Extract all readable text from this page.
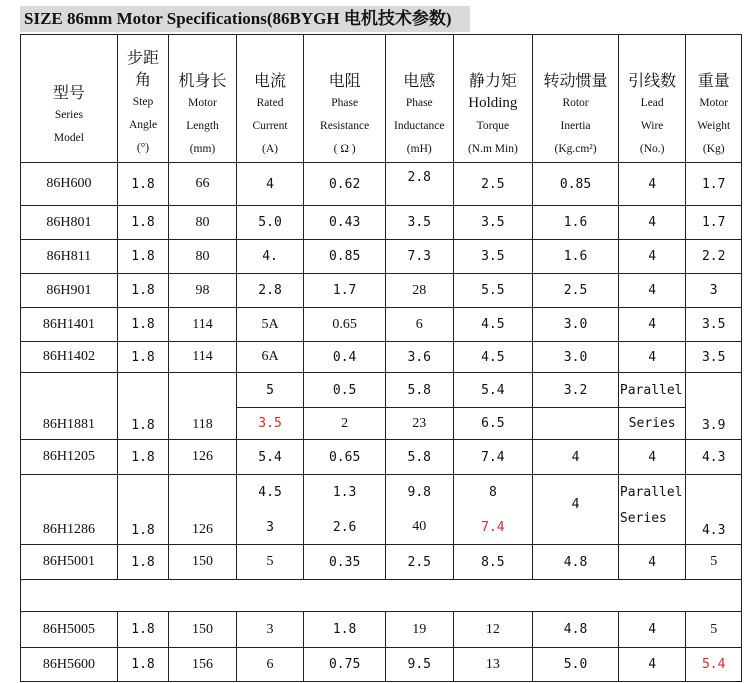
SIZE 86mm Motor Specifications(86BYGH 电机技术参数)
型号
Series
Model	步距
角
Step
Angle
(°)	机身长
Motor
Length
(mm)	电流
Rated
Current
(A)	电阻
Phase
Resistance
( Ω )	电感
Phase
Inductance
(mH)	静力矩
Holding
Torque
(N.m Min)	转动惯量
Rotor
Inertia
(Kg.cm²)	引线数
Lead
Wire
(No.)	重量
Motor
Weight
(Kg)

86H600	1.8	66	4	0.62	2.8	2.5	0.85	4	1.7
86H801	1.8	80	5.0	0.43	3.5	3.5	1.6	4	1.7
86H811	1.8	80	4.	0.85	7.3	3.5	1.6	4	2.2
86H901	1.8	98	2.8	1.7	28	5.5	2.5	4	3
86H1401	1.8	114	5A	0.65	6	4.5	3.0	4	3.5
86H1402	1.8	114	6A	0.4	3.6	4.5	3.0	4	3.5
86H1881	1.8	118	5	0.5	5.8	5.4	3.2	Parallel	3.9
			3.5	2	23	6.5		Series	
86H1205	1.8	126	5.4	0.65	5.8	7.4	4	4	4.3
86H1286	1.8	126	4.5	1.3	9.8	8	4	Parallel	4.3
			3	2.6	40	7.4		Series	
86H5001	1.8	150	5	0.35	2.5	8.5	4.8	4	5

86H5005	1.8	150	3	1.8	19	12	4.8	4	5
86H5600	1.8	156	6	0.75	9.5	13	5.0	4	5.4
